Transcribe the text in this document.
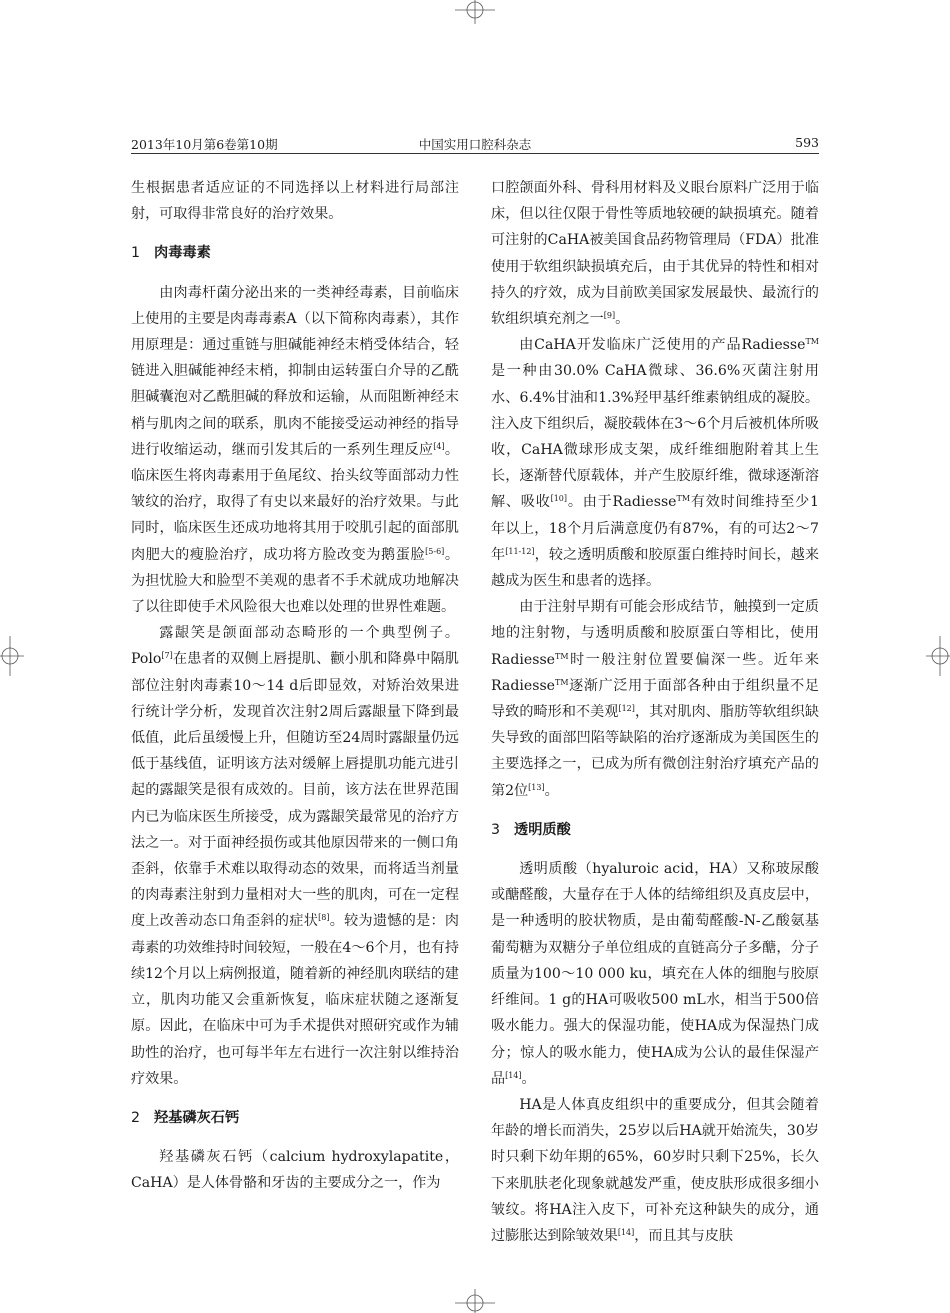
2013年10月第6卷第10期	中国实用口腔科杂志	593

生根据患者适应证的不同选择以上材料进行局部注射，可取得非常良好的治疗效果。

1 肉毒毒素

由肉毒杆菌分泌出来的一类神经毒素，目前临床上使用的主要是肉毒毒素A（以下简称肉毒素），其作用原理是：通过重链与胆碱能神经末梢受体结合，轻链进入胆碱能神经末梢，抑制由运转蛋白介导的乙酰胆碱囊泡对乙酰胆碱的释放和运输，从而阻断神经末梢与肌肉之间的联系，肌肉不能接受运动神经的指导进行收缩运动，继而引发其后的一系列生理反应[4]。临床医生将肉毒素用于鱼尾纹、抬头纹等面部动力性皱纹的治疗，取得了有史以来最好的治疗效果。与此同时，临床医生还成功地将其用于咬肌引起的面部肌肉肥大的瘦脸治疗，成功将方脸改变为鹅蛋脸[5-6]。为担忧脸大和脸型不美观的患者不手术就成功地解决了以往即使手术风险很大也难以处理的世界性难题。

露龈笑是颌面部动态畸形的一个典型例子。Polo[7]在患者的双侧上唇提肌、颧小肌和降鼻中隔肌部位注射肉毒素10～14 d后即显效，对矫治效果进行统计学分析，发现首次注射2周后露龈量下降到最低值，此后虽缓慢上升，但随访至24周时露龈量仍远低于基线值，证明该方法对缓解上唇提肌功能亢进引起的露龈笑是很有成效的。目前，该方法在世界范围内已为临床医生所接受，成为露龈笑最常见的治疗方法之一。对于面神经损伤或其他原因带来的一侧口角歪斜，依靠手术难以取得动态的效果，而将适当剂量的肉毒素注射到力量相对大一些的肌肉，可在一定程度上改善动态口角歪斜的症状[8]。较为遗憾的是：肉毒素的功效维持时间较短，一般在4～6个月，也有持续12个月以上病例报道，随着新的神经肌肉联结的建立，肌肉功能又会重新恢复，临床症状随之逐渐复原。因此，在临床中可为手术提供对照研究或作为辅助性的治疗，也可每半年左右进行一次注射以维持治疗效果。

2 羟基磷灰石钙

羟基磷灰石钙（calcium hydroxylapatite，CaHA）是人体骨骼和牙齿的主要成分之一，作为

口腔颌面外科、骨科用材料及义眼台原料广泛用于临床，但以往仅限于骨性等质地较硬的缺损填充。随着可注射的CaHA被美国食品药物管理局（FDA）批准使用于软组织缺损填充后，由于其优异的特性和相对持久的疗效，成为目前欧美国家发展最快、最流行的软组织填充剂之一[9]。

由CaHA开发临床广泛使用的产品Radiesse™是一种由30.0% CaHA微球、36.6%灭菌注射用水、6.4%甘油和1.3%羟甲基纤维素钠组成的凝胶。注入皮下组织后，凝胶载体在3～6个月后被机体所吸收，CaHA微球形成支架，成纤维细胞附着其上生长，逐渐替代原载体，并产生胶原纤维，微球逐渐溶解、吸收[10]。由于Radiesse™有效时间维持至少1年以上，18个月后满意度仍有87%，有的可达2～7年[11-12]，较之透明质酸和胶原蛋白维持时间长，越来越成为医生和患者的选择。

由于注射早期有可能会形成结节，触摸到一定质地的注射物，与透明质酸和胶原蛋白等相比，使用Radiesse™时一般注射位置要偏深一些。近年来Radiesse™逐渐广泛用于面部各种由于组织量不足导致的畸形和不美观[12]，其对肌肉、脂肪等软组织缺失导致的面部凹陷等缺陷的治疗逐渐成为美国医生的主要选择之一，已成为所有微创注射治疗填充产品的第2位[13]。

3 透明质酸

透明质酸（hyaluroic acid，HA）又称玻尿酸或醣醛酸，大量存在于人体的结缔组织及真皮层中，是一种透明的胶状物质，是由葡萄醛酸-N-乙酸氨基葡萄糖为双糖分子单位组成的直链高分子多醣，分子质量为100～10 000 ku，填充在人体的细胞与胶原纤维间。1 g的HA可吸收500 mL水，相当于500倍吸水能力。强大的保湿功能，使HA成为保湿热门成分；惊人的吸水能力，使HA成为公认的最佳保湿产品[14]。

HA是人体真皮组织中的重要成分，但其会随着年龄的增长而消失，25岁以后HA就开始流失，30岁时只剩下幼年期的65%，60岁时只剩下25%，长久下来肌肤老化现象就越发严重，使皮肤形成很多细小皱纹。将HA注入皮下，可补充这种缺失的成分，通过膨胀达到除皱效果[14]，而且其与皮肤
